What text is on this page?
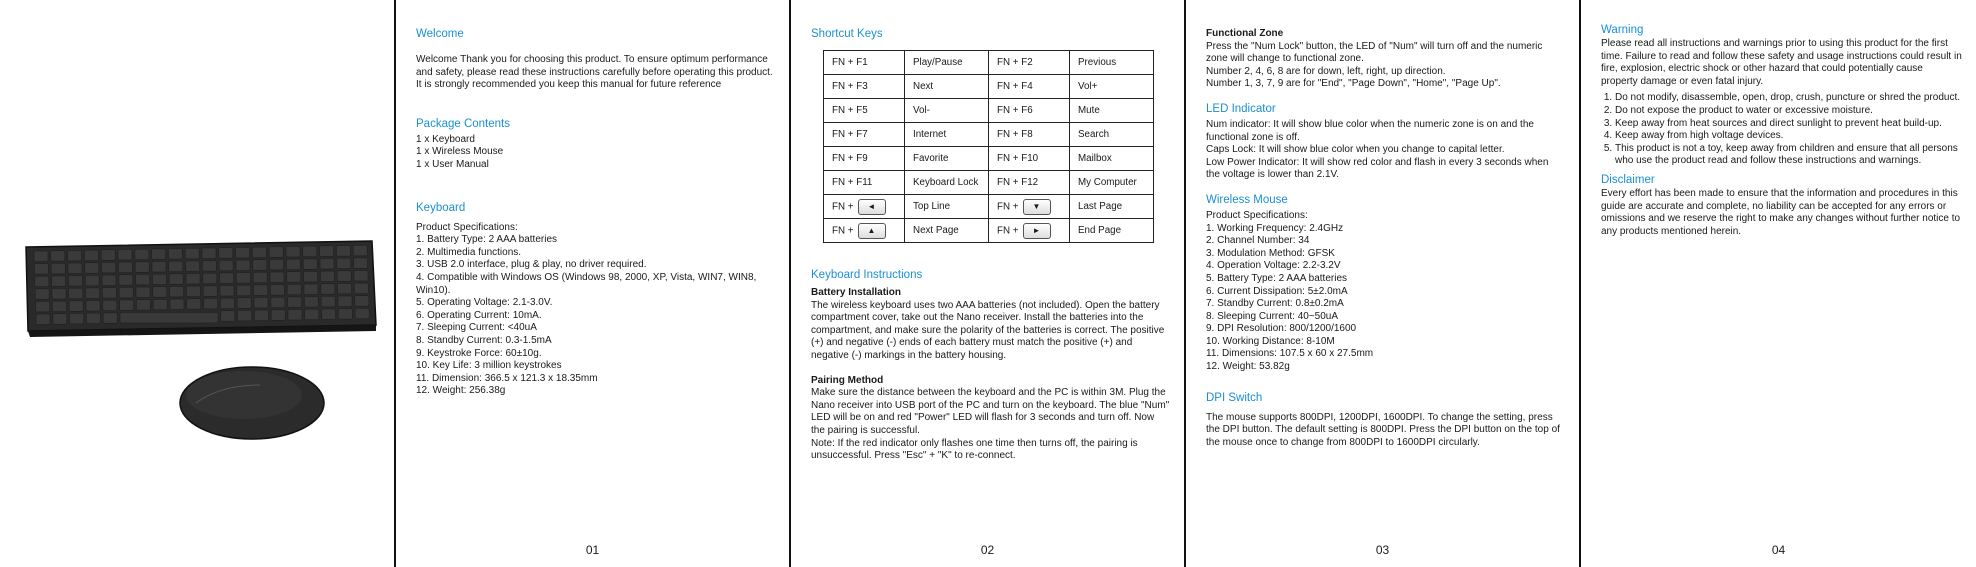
Welcome

Welcome Thank you for choosing this product. To ensure optimum performance and safety, please read these instructions carefully before operating this product. It is strongly recommended you keep this manual for future reference

Package Contents
1 x Keyboard
1 x Wireless Mouse
1 x User Manual
Keyboard
Product Specifications:
1. Battery Type: 2 AAA batteries
2. Multimedia functions.
3. USB 2.0 interface, plug & play, no driver required.
4. Compatible with Windows OS (Windows 98, 2000, XP, Vista, WIN7, WIN8, Win10).
5. Operating Voltage: 2.1-3.0V.
6. Operating Current: 10mA.
7. Sleeping Current: <40uA
8. Standby Current: 0.3-1.5mA
9. Keystroke Force: 60±10g.
10. Key Life: 3 million keystrokes
11. Dimension: 366.5 x 121.3 x 18.35mm
12. Weight: 256.38g
01
Shortcut Keys
FN + F1	Play/Pause	FN + F2	Previous
FN + F3	Next	FN + F4	Vol+
FN + F5	Vol-	FN + F6	Mute
FN + F7	Internet	FN + F8	Search
FN + F9	Favorite	FN + F10	Mailbox
FN + F11	Keyboard Lock	FN + F12	My Computer
FN + ◄	Top Line	FN + ▼	Last Page
FN + ▲	Next Page	FN + ►	End Page
Keyboard Instructions
Battery Installation

The wireless keyboard uses two AAA batteries (not included). Open the battery compartment cover, take out the Nano receiver. Install the batteries into the compartment, and make sure the polarity of the batteries is correct. The positive (+) and negative (-) ends of each battery must match the positive (+) and negative (-) markings in the battery housing.

Pairing Method

Make sure the distance between the keyboard and the PC is within 3M. Plug the Nano receiver into USB port of the PC and turn on the keyboard. The blue "Num" LED will be on and red "Power" LED will flash for 3 seconds and turn off. Now the pairing is successful.

Note: If the red indicator only flashes one time then turns off, the pairing is unsuccessful. Press "Esc" + "K" to re-connect.

02
Functional Zone
Press the "Num Lock" button, the LED of "Num" will turn off and the numeric zone will change to functional zone.
Number 2, 4, 6, 8 are for down, left, right, up direction.
Number 1, 3, 7, 9 are for "End", "Page Down", "Home", "Page Up".
LED Indicator
Num indicator: It will show blue color when the numeric zone is on and the functional zone is off.
Caps Lock: It will show blue color when you change to capital letter.
Low Power Indicator: It will show red color and flash in every 3 seconds when the voltage is lower than 2.1V.
Wireless Mouse
Product Specifications:
1. Working Frequency: 2.4GHz
2. Channel Number: 34
3. Modulation Method: GFSK
4. Operation Voltage: 2.2-3.2V
5. Battery Type: 2 AAA batteries
6. Current Dissipation: 5±2.0mA
7. Standby Current: 0.8±0.2mA
8. Sleeping Current: 40~50uA
9. DPI Resolution: 800/1200/1600
10. Working Distance: 8-10M
11. Dimensions: 107.5 x 60 x 27.5mm
12. Weight: 53.82g
DPI Switch

The mouse supports 800DPI, 1200DPI, 1600DPI. To change the setting, press the DPI button. The default setting is 800DPI. Press the DPI button on the top of the mouse once to change from 800DPI to 1600DPI circularly.

03
Warning

Please read all instructions and warnings prior to using this product for the first time. Failure to read and follow these safety and usage instructions could result in fire, explosion, electric shock or other hazard that could potentially cause property damage or even fatal injury.

1. Do not modify, disassemble, open, drop, crush, puncture or shred the product.
2. Do not expose the product to water or excessive moisture.
3. Keep away from heat sources and direct sunlight to prevent heat build-up.
4. Keep away from high voltage devices.
5. This product is not a toy, keep away from children and ensure that all persons who use the product read and follow these instructions and warnings.
Disclaimer

Every effort has been made to ensure that the information and procedures in this guide are accurate and complete, no liability can be accepted for any errors or omissions and we reserve the right to make any changes without further notice to any products mentioned herein.

04
